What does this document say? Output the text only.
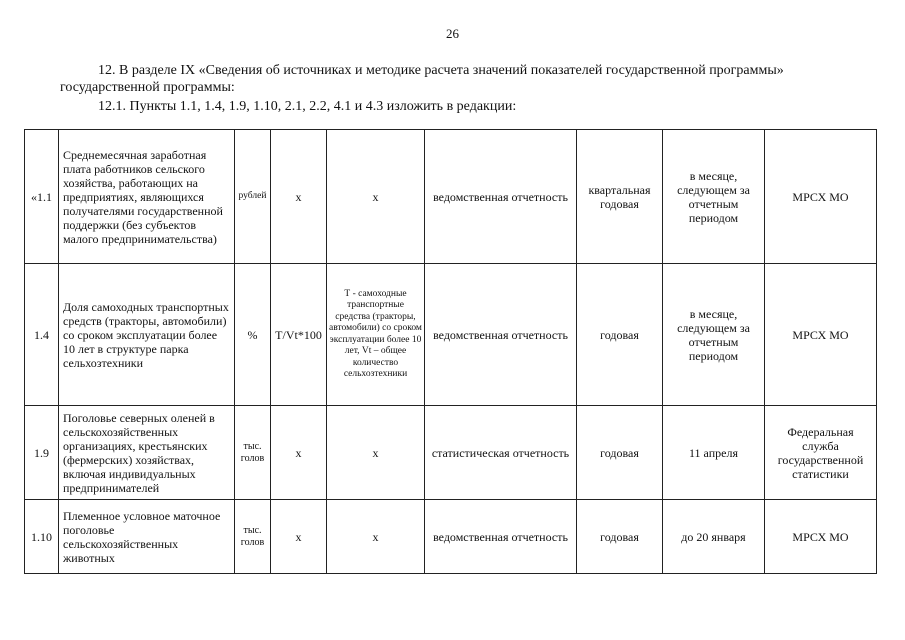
26
12. В разделе IX «Сведения об источниках и методике расчета значений показателей государственной программы»
государственной программы:
12.1. Пункты 1.1, 1.4, 1.9, 1.10, 2.1, 2.2, 4.1 и 4.3 изложить в редакции:
«1.1	Среднемесячная заработная плата работников сельского хозяйства, работающих на предприятиях, являющихся получателями государственной поддержки (без субъектов малого предпринимательства)	рублей	x	x	ведомственная отчетность	квартальная годовая	в месяце, следующем за отчетным периодом	МРСХ МО
1.4	Доля самоходных транспортных средств (тракторы, автомобили) со сроком эксплуатации более 10 лет в структуре парка сельхозтехники	%	T/Vt*100	Т - самоходные транспортные средства (тракторы, автомобили) со сроком эксплуатации более 10 лет, Vt – общее количество сельхозтехники	ведомственная отчетность	годовая	в месяце, следующем за отчетным периодом	МРСХ МО
1.9	Поголовье северных оленей в сельскохозяйственных организациях, крестьянских (фермерских) хозяйствах, включая индивидуальных предпринимателей	тыс. голов	x	x	статистическая отчетность	годовая	11 апреля	Федеральная служба государственной статистики
1.10	Племенное условное маточное поголовье сельскохозяйственных животных	тыс. голов	x	x	ведомственная отчетность	годовая	до 20 января	МРСХ МО
